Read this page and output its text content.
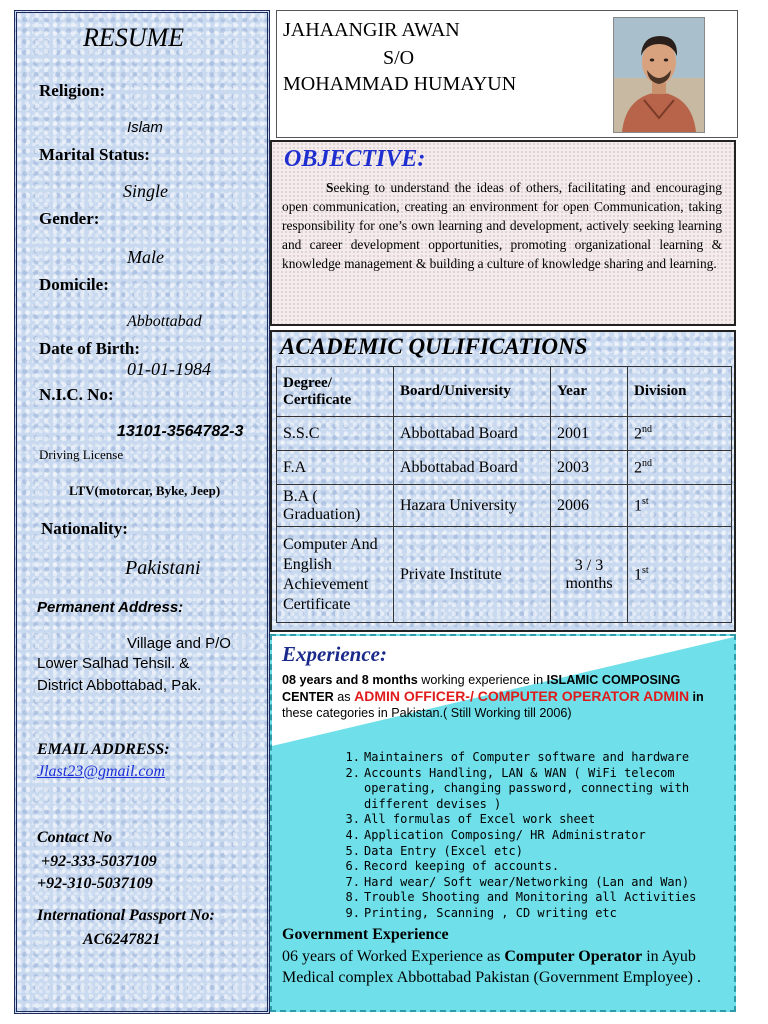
RESUME
Religion:
Islam
Marital Status:
Single
Gender:
Male
Domicile:
Abbottabad
Date of Birth:
01-01-1984
N.I.C. No:
13101-3564782-3
Driving License
LTV(motorcar, Byke, Jeep)
Nationality:
Pakistani
Permanent Address:
Village and P/O
Lower Salhad Tehsil. &
District Abbottabad, Pak.
EMAIL ADDRESS:
Jlast23@gmail.com
Contact No
+92-333-5037109
+92-310-5037109
International Passport No:
AC6247821
JAHAANGIR AWAN
S/O
MOHAMMAD HUMAYUN
OBJECTIVE:
Seeking to understand the ideas of others, facilitating and encouraging open communication, creating an environment for open Communication, taking responsibility for one’s own learning and development, actively seeking learning and career development opportunities, promoting organizational learning & knowledge management & building a culture of knowledge sharing and learning.
ACADEMIC QULIFICATIONS
Degree/ Certificate	Board/University	Year	Division
S.S.C	Abbottabad Board	2001	2nd
F.A	Abbottabad Board	2003	2nd
B.A ( Graduation)	Hazara University	2006	1st
Computer And English Achievement Certificate	Private Institute	3 / 3 months	1st
Experience:
08 years and 8 months working experience in ISLAMIC COMPOSING CENTER as ADMIN OFFICER-/ COMPUTER OPERATOR ADMIN in these categories in Pakistan.( Still Working till 2006)
1. Maintainers of Computer software and hardware
2. Accounts Handling, LAN & WAN ( WiFi telecom operating, changing password, connecting with different devises )
3. All formulas of Excel work sheet
4. Application Composing/ HR Administrator
5. Data Entry (Excel etc)
6. Record keeping of accounts.
7. Hard wear/ Soft wear/Networking (Lan and Wan)
8. Trouble Shooting and Monitoring all Activities
9. Printing, Scanning , CD writing etc
Government Experience
06 years of Worked Experience as Computer Operator in Ayub Medical complex Abbottabad Pakistan (Government Employee) .
